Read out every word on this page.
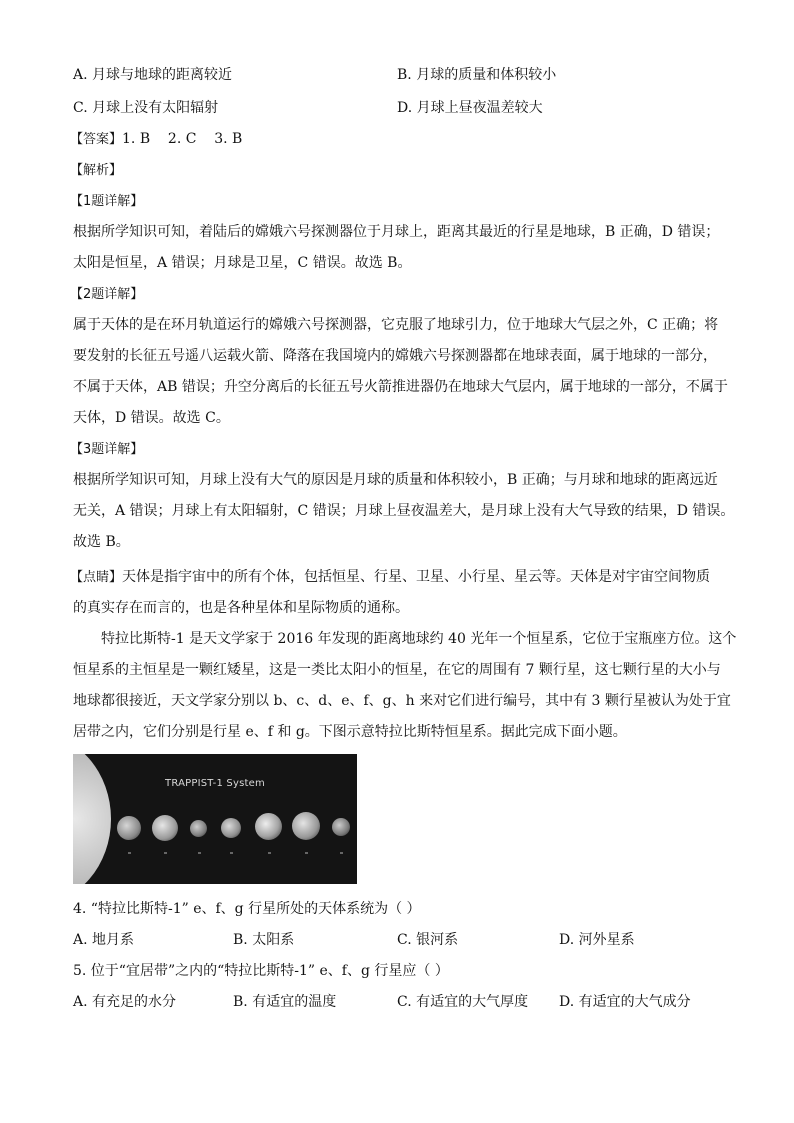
A. 月球与地球的距离较近	B. 月球的质量和体积较小
C. 月球上没有太阳辐射	D. 月球上昼夜温差较大
【答案】1. B    2. C    3. B
【解析】
【1题详解】
根据所学知识可知，着陆后的嫦娥六号探测器位于月球上，距离其最近的行星是地球，B 正确，D 错误；
太阳是恒星，A 错误；月球是卫星，C 错误。故选 B。
【2题详解】
属于天体的是在环月轨道运行的嫦娥六号探测器，它克服了地球引力，位于地球大气层之外，C 正确；将
要发射的长征五号遥八运载火箭、降落在我国境内的嫦娥六号探测器都在地球表面，属于地球的一部分，
不属于天体，AB 错误；升空分离后的长征五号火箭推进器仍在地球大气层内，属于地球的一部分，不属于
天体，D 错误。故选 C。
【3题详解】
根据所学知识可知，月球上没有大气的原因是月球的质量和体积较小，B 正确；与月球和地球的距离远近
无关，A 错误；月球上有太阳辐射，C 错误；月球上昼夜温差大，是月球上没有大气导致的结果，D 错误。
故选 B。
【点睛】天体是指宇宙中的所有个体，包括恒星、行星、卫星、小行星、星云等。天体是对宇宙空间物质
的真实存在而言的，也是各种星体和星际物质的通称。
特拉比斯特-1 是天文学家于 2016 年发现的距离地球约 40 光年一个恒星系，它位于宝瓶座方位。这个
恒星系的主恒星是一颗红矮星，这是一类比太阳小的恒星，在它的周围有 7 颗行星，这七颗行星的大小与
地球都很接近，天文学家分别以 b、c、d、e、f、g、h 来对它们进行编号，其中有 3 颗行星被认为处于宜
居带之内，它们分别是行星 e、f 和 g。下图示意特拉比斯特恒星系。据此完成下面小题。
TRAPPIST-1 System
4. “特拉比斯特-1” e、f、g 行星所处的天体系统为（ ）
A. 地月系	B. 太阳系	C. 银河系	D. 河外星系
5. 位于“宜居带”之内的“特拉比斯特-1” e、f、g 行星应（ ）
A. 有充足的水分	B. 有适宜的温度	C. 有适宜的大气厚度 D. 有适宜的大气成分
